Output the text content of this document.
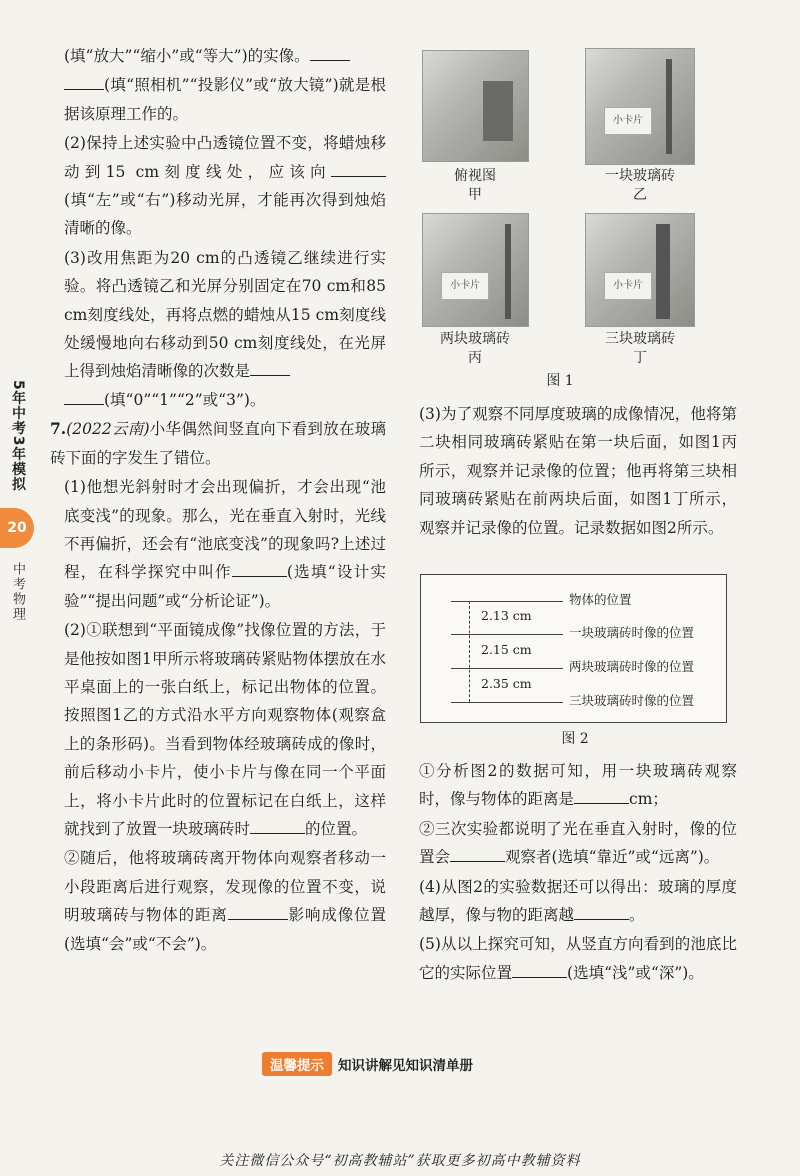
(填“放大”“缩小”或“等大”)的实像。

(填“照相机”“投影仪”或“放大镜”)就是根据该原理工作的。

(2)保持上述实验中凸透镜位置不变，将蜡烛移动到15 cm刻度线处，应该向(填“左”或“右”)移动光屏，才能再次得到烛焰清晰的像。

(3)改用焦距为20 cm的凸透镜乙继续进行实验。将凸透镜乙和光屏分别固定在70 cm和85 cm刻度线处，再将点燃的蜡烛从15 cm刻度线处缓慢地向右移动到50 cm刻度线处，在光屏上得到烛焰清晰像的次数是
(填“0”“1”“2”或“3”)。

7.(2022云南)小华偶然间竖直向下看到放在玻璃砖下面的字发生了错位。

(1)他想光斜射时才会出现偏折，才会出现“池底变浅”的现象。那么，光在垂直入射时，光线不再偏折，还会有“池底变浅”的现象吗?上述过程，在科学探究中叫作	(选填“设计实验”“提出问题”或“分析论证”)。

(2)①联想到“平面镜成像”找像位置的方法，于是他按如图1甲所示将玻璃砖紧贴物体摆放在水平桌面上的一张白纸上，标记出物体的位置。按照图1乙的方式沿水平方向观察物体(观察盒上的条形码)。当看到物体经玻璃砖成的像时，前后移动小卡片，使小卡片与像在同一个平面上，将小卡片此时的位置标记在白纸上，这样就找到了放置一块玻璃砖时	的位置。

②随后，他将玻璃砖离开物体向观察者移动一小段距离后进行观察，发现像的位置不变，说明玻璃砖与物体的距离	影响成像位置(选填“会”或“不会”)。

5年中考3年模拟
20
中考物理
俯视图
甲
小卡片
一块玻璃砖
乙
小卡片
两块玻璃砖
丙
小卡片
三块玻璃砖
丁
图 1

(3)为了观察不同厚度玻璃的成像情况，他将第二块相同玻璃砖紧贴在第一块后面，如图1丙所示，观察并记录像的位置；他再将第三块相同玻璃砖紧贴在前两块后面，如图1丁所示，观察并记录像的位置。记录数据如图2所示。

2.13 cm
2.15 cm
2.35 cm
物体的位置
一块玻璃砖时像的位置
两块玻璃砖时像的位置
三块玻璃砖时像的位置
图 2

①分析图2的数据可知，用一块玻璃砖观察时，像与物体的距离是	cm；

②三次实验都说明了光在垂直入射时，像的位置会	观察者(选填“靠近”或“远离”)。

(4)从图2的实验数据还可以得出：玻璃的厚度越厚，像与物的距离越	。

(5)从以上探究可知，从竖直方向看到的池底比它的实际位置	(选填“浅”或“深”)。

温馨提示	知识讲解见知识清单册
关注微信公众号“初高教辅站”获取更多初高中教辅资料
